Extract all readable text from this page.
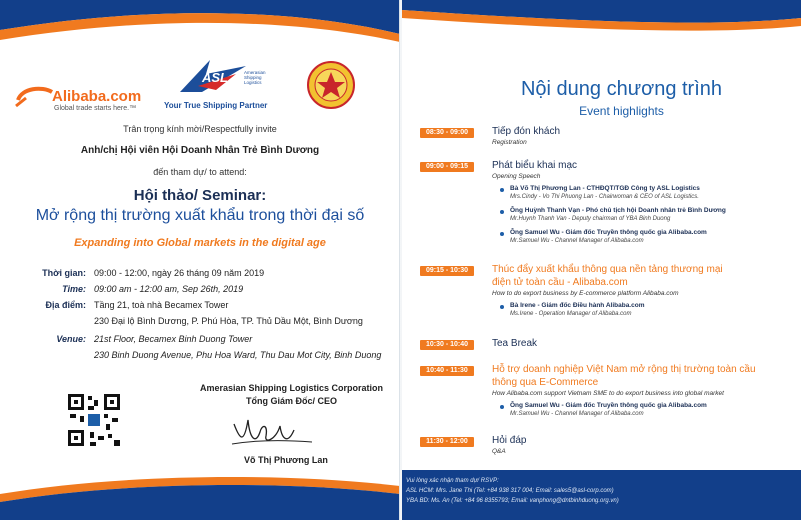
Alibaba.com
Global trade starts here.™
ASL	Amerasian Shipping Logistics
Your True Shipping Partner
Trân trọng kính mời/Respectfully invite
Anh/chị Hội viên Hội Doanh Nhân Trẻ Bình Dương
đến tham dự/ to attend:
Hội thảo/ Seminar:
Mở rộng thị trường xuất khẩu trong thời đại số
Expanding into Global markets in the digital age
Thời gian: 09:00 - 12:00, ngày 26 tháng 09 năm 2019
Time: 09:00 am - 12:00 am, Sep 26th, 2019
Địa điểm: Tầng 21, toà nhà Becamex Tower
230 Đại lộ Bình Dương, P. Phú Hòa, TP. Thủ Dầu Một, Bình Dương
Venue: 21st Floor, Becamex Binh Duong Tower
230 Binh Duong Avenue, Phu Hoa Ward, Thu Dau Mot City, Binh Duong
Amerasian Shipping Logistics Corporation
Tổng Giám Đốc/ CEO
Võ Thị Phương Lan
Nội dung chương trình
Event highlights
08:30 - 09:00	Tiếp đón khách
Registration
09:00 - 09:15	Phát biểu khai mạc
Opening Speech
Bà Võ Thị Phương Lan - CTHĐQT/TGĐ Công ty ASL Logistics
Mrs.Cindy - Vo Thi Phuong Lan - Chairwoman & CEO of ASL Logistics.
Ông Huỳnh Thanh Vạn - Phó chủ tịch hội Doanh nhân trẻ Bình Dương
Mr.Huynh Thanh Van - Deputy chairman of YBA Binh Duong
Ông Samuel Wu - Giám đốc Truyền thông quốc gia Alibaba.com
Mr.Samuel Wu - Channel Manager of Alibaba.com
09:15 - 10:30	Thúc đẩy xuất khẩu thông qua nền tảng thương mại
điện tử toàn cầu - Alibaba.com
How to do export business by E-commerce platform Alibaba.com
Bà Irene - Giám đốc Điều hành Alibaba.com
Ms.Irene - Operation Manager of Alibaba.com
10:30 - 10:40	Tea Break
10:40 - 11:30	Hỗ trợ doanh nghiệp Việt Nam mở rộng thị trường toàn cầu
thông qua E-Commerce
How Alibaba.com support Vietnam SME to do export business into global market
Ông Samuel Wu - Giám đốc Truyền thông quốc gia Alibaba.com
Mr.Samuel Wu - Channel Manager of Alibaba.com
11:30 - 12:00	Hỏi đáp
Q&A
Vui lòng xác nhận tham dự/ RSVP:
ASL HCM: Mrs. Jane Thi (Tel: +84 938 317 004; Email: sales5@asl-corp.com)
YBA BD: Ms. An (Tel: +84 96 8355793; Email: vanphong@dntbinhduong.org.vn)
